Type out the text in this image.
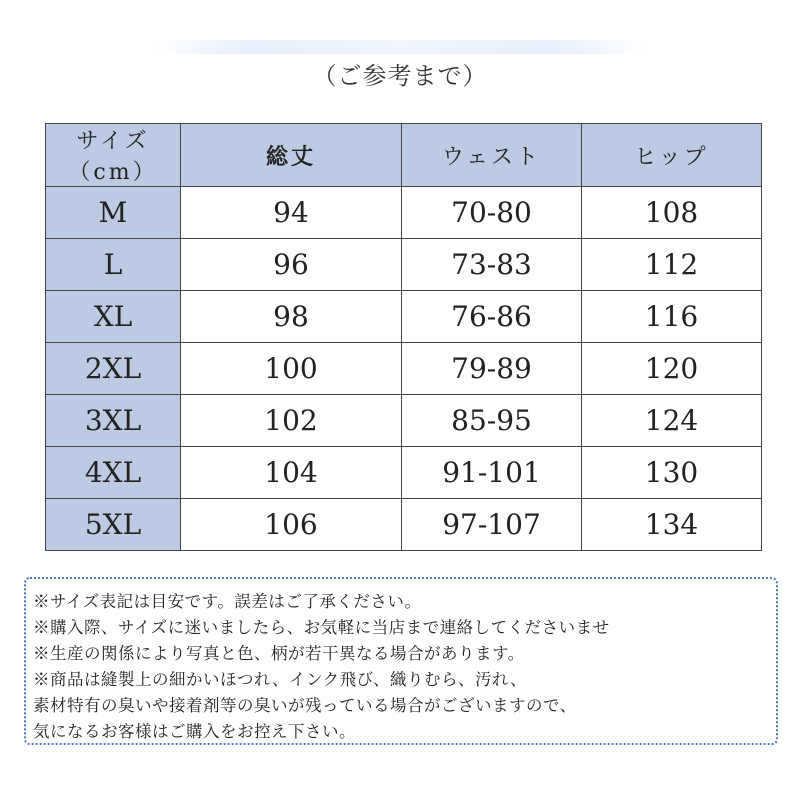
（ご参考まで）
サイズ（cm）	総丈	ウェスト	ヒップ
M	94	70-80	108
L	96	73-83	112
XL	98	76-86	116
2XL	100	79-89	120
3XL	102	85-95	124
4XL	104	91-101	130
5XL	106	97-107	134
※サイズ表記は目安です。誤差はご了承ください。
※購入際、サイズに迷いましたら、お気軽に当店まで連絡してくださいませ
※生産の関係により写真と色、柄が若干異なる場合があります。
※商品は縫製上の細かいほつれ、インク飛び、織りむら、汚れ、
素材特有の臭いや接着剤等の臭いが残っている場合がございますので、
気になるお客様はご購入をお控え下さい。
